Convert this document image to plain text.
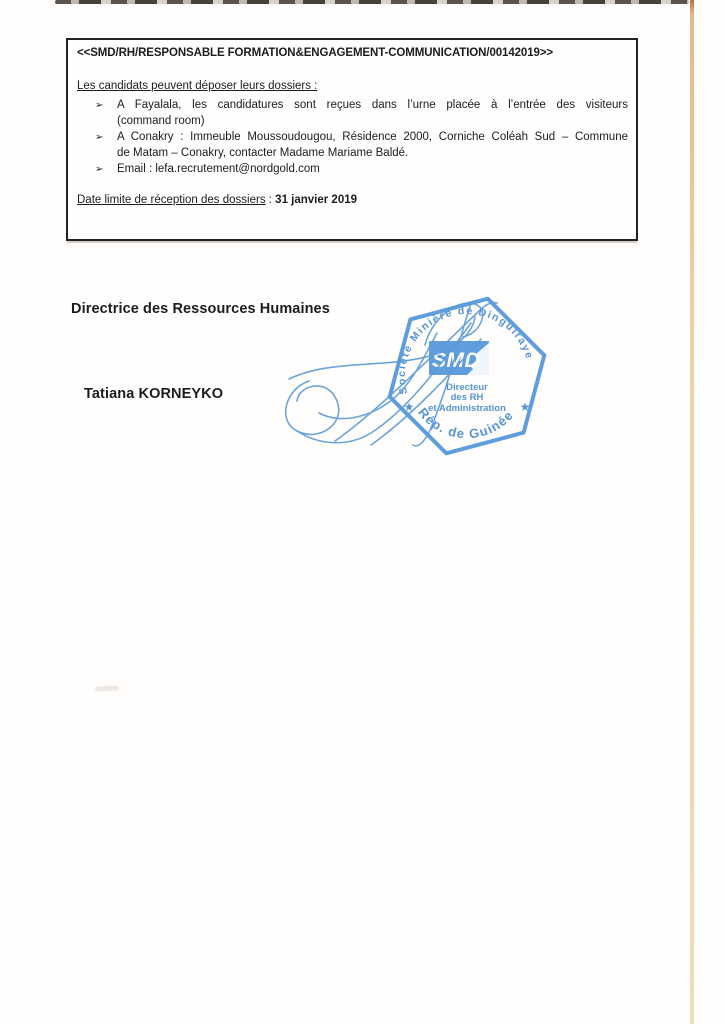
<<SMD/RH/RESPONSABLE FORMATION&ENGAGEMENT-COMMUNICATION/00142019>>
Les candidats peuvent déposer leurs dossiers :
➢	A Fayalala, les candidatures sont reçues dans l’urne placée à l’entrée des visiteurs
(command room)
➢	A Conakry : Immeuble Moussoudougou, Résidence 2000, Corniche Coléah Sud – Commune
de Matam – Conakry, contacter Madame Mariame Baldé.
➢	Email : lefa.recrutement@nordgold.com
Date limite de réception des dossiers : 31 janvier 2019
Directrice des Ressources Humaines
Tatiana KORNEYKO	Société Minière de Dinguiraye
Rép. de Guinée
SMD
Directeur
des RH
et Administration
★	★
